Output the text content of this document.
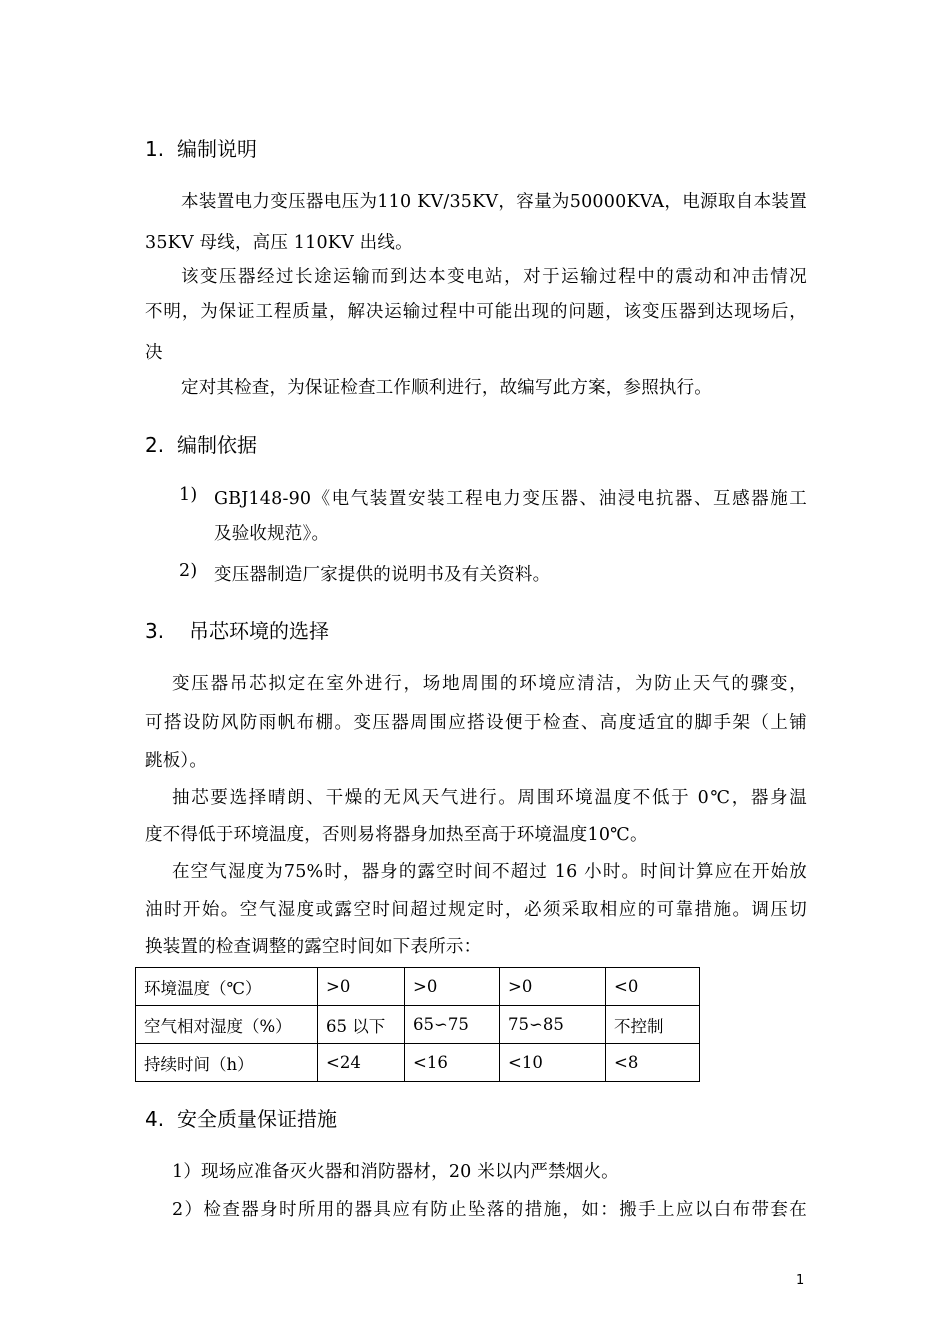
1. 编制说明
本装置电力变压器电压为110 KV/35KV，容量为50000KVA，电源取自本装置
35KV 母线，高压 110KV 出线。
该变压器经过长途运输而到达本变电站，对于运输过程中的震动和冲击情况
不明，为保证工程质量，解决运输过程中可能出现的问题，该变压器到达现场后，
决
定对其检查，为保证检查工作顺利进行，故编写此方案，参照执行。
2. 编制依据
1) GBJ148-90《电气装置安装工程电力变压器、油浸电抗器、互感器施工
及验收规范》。
2) 变压器制造厂家提供的说明书及有关资料。
3. 吊芯环境的选择
变压器吊芯拟定在室外进行，场地周围的环境应清洁，为防止天气的骤变，
可搭设防风防雨帆布棚。变压器周围应搭设便于检查、高度适宜的脚手架（上铺
跳板）。
抽芯要选择晴朗、干燥的无风天气进行。周围环境温度不低于 0℃，器身温
度不得低于环境温度，否则易将器身加热至高于环境温度10℃。
在空气湿度为75%时，器身的露空时间不超过 16 小时。时间计算应在开始放
油时开始。空气湿度或露空时间超过规定时，必须采取相应的可靠措施。调压切
换装置的检查调整的露空时间如下表所示：
环境温度（℃）	>0	>0	>0	<0
空气相对湿度（%）	65 以下	65∽75	75∽85	不控制
持续时间（h）	<24	<16	<10	<8
4. 安全质量保证措施
1）现场应准备灭火器和消防器材，20 米以内严禁烟火。
2）检查器身时所用的器具应有防止坠落的措施，如：搬手上应以白布带套在
1
